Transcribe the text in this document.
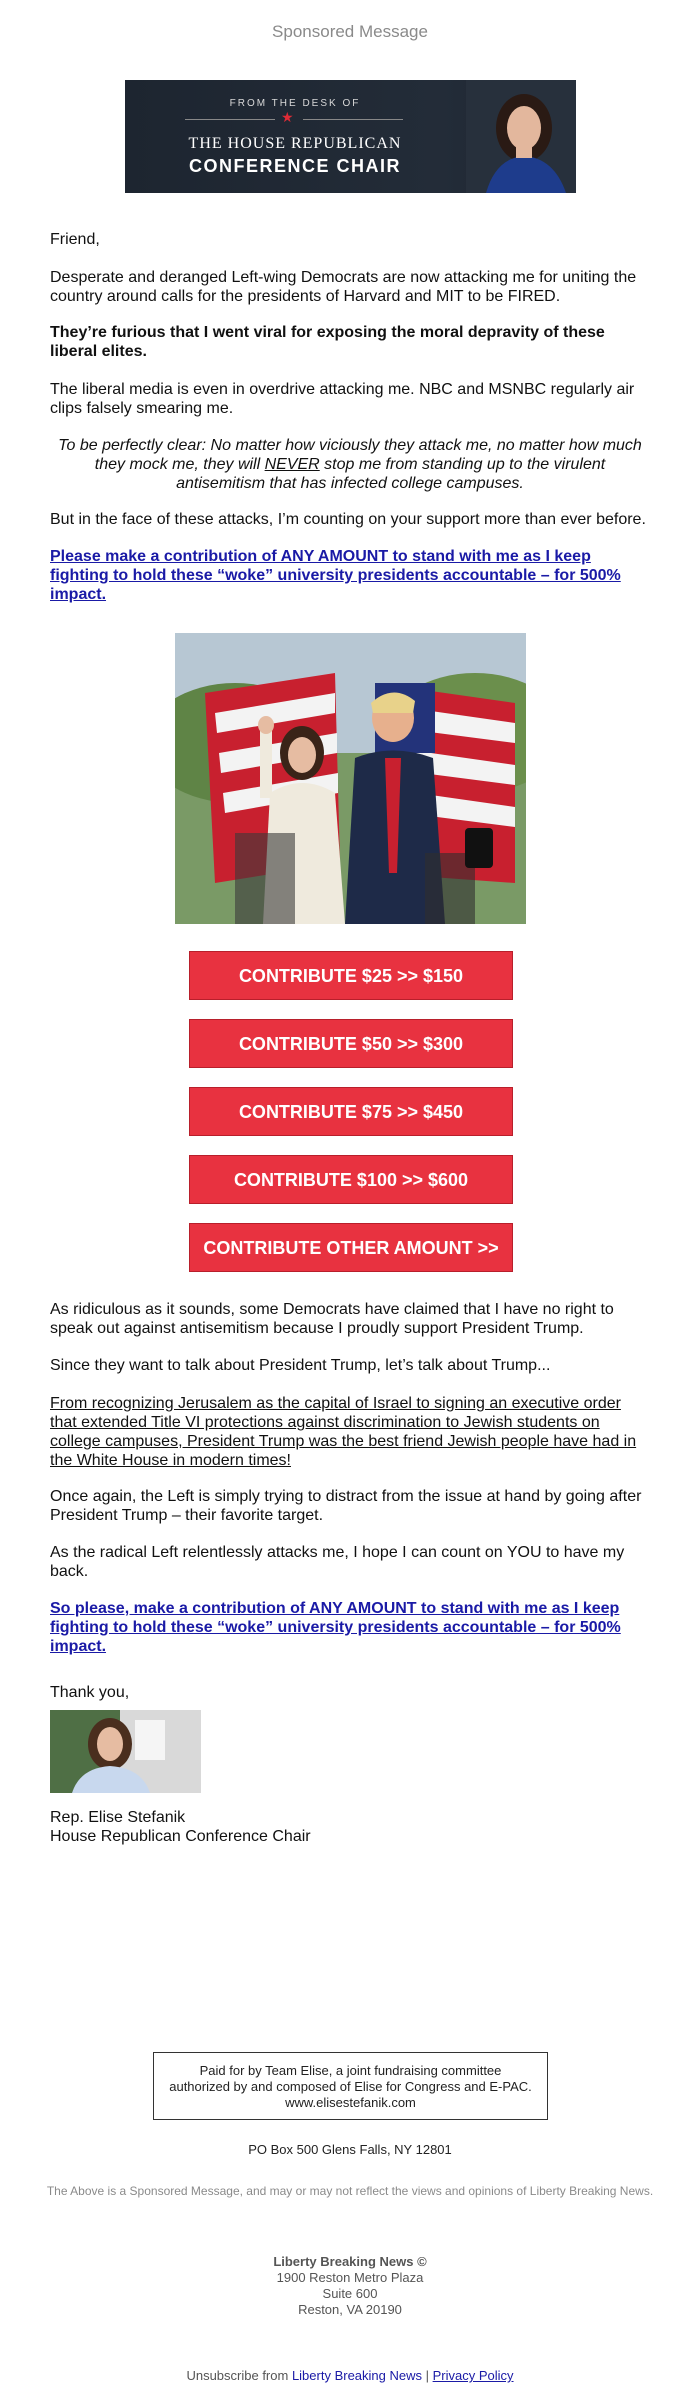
Sponsored Message
FROM THE DESK OF
★
THE HOUSE REPUBLICAN
CONFERENCE CHAIR
Friend,
Desperate and deranged Left-wing Democrats are now attacking me for uniting the country around calls for the presidents of Harvard and MIT to be FIRED.
They’re furious that I went viral for exposing the moral depravity of these liberal elites.
The liberal media is even in overdrive attacking me. NBC and MSNBC regularly air clips falsely smearing me.
To be perfectly clear: No matter how viciously they attack me, no matter how much they mock me, they will NEVER stop me from standing up to the virulent antisemitism that has infected college campuses.
But in the face of these attacks, I’m counting on your support more than ever before.
Please make a contribution of ANY AMOUNT to stand with me as I keep fighting to hold these “woke” university presidents accountable – for 500% impact.
CONTRIBUTE $25 >> $150
CONTRIBUTE $50 >> $300
CONTRIBUTE $75 >> $450
CONTRIBUTE $100 >> $600
CONTRIBUTE OTHER AMOUNT >>
As ridiculous as it sounds, some Democrats have claimed that I have no right to speak out against antisemitism because I proudly support President Trump.
Since they want to talk about President Trump, let’s talk about Trump...
From recognizing Jerusalem as the capital of Israel to signing an executive order that extended Title VI protections against discrimination to Jewish students on college campuses, President Trump was the best friend Jewish people have had in the White House in modern times!
Once again, the Left is simply trying to distract from the issue at hand by going after President Trump – their favorite target.
As the radical Left relentlessly attacks me, I hope I can count on YOU to have my back.
So please, make a contribution of ANY AMOUNT to stand with me as I keep fighting to hold these “woke” university presidents accountable – for 500% impact.
Thank you,
Rep. Elise Stefanik
House Republican Conference Chair
Paid for by Team Elise, a joint fundraising committee authorized by and composed of Elise for Congress and E-PAC. www.elisestefanik.com
PO Box 500 Glens Falls, NY 12801
The Above is a Sponsored Message, and may or may not reflect the views and opinions of Liberty Breaking News.
Liberty Breaking News ©
1900 Reston Metro Plaza
Suite 600
Reston, VA 20190
Unsubscribe from Liberty Breaking News | Privacy Policy
